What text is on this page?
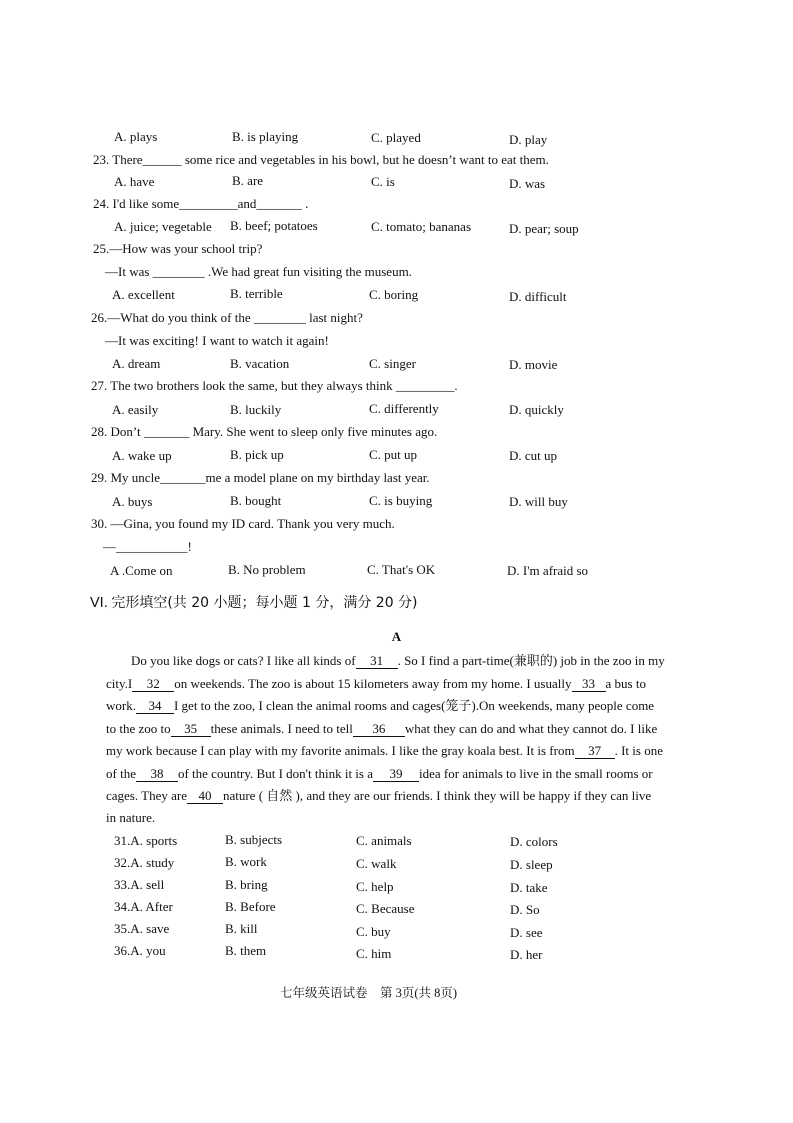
A. plays	B. is playing	C. played	D. play
23. There______ some rice and vegetables in his bowl, but he doesn’t want to eat them.
A. have	B. are	C. is	D. was
24. I'd like some_________and_______ .
A. juice; vegetable B. beef; potatoes	C. tomato; bananas	D. pear; soup
25.—How was your school trip?
—It was ________ .We had great fun visiting the museum.
A. excellent	B. terrible	C. boring	D. difficult
26.—What do you think of the ________ last night?
—It was exciting! I want to watch it again!
A. dream	B. vacation	C. singer	D. movie
27. The two brothers look the same, but they always think _________.
A. easily	B. luckily	C. differently	D. quickly
28. Don’t _______ Mary. She went to sleep only five minutes ago.
A. wake up	B. pick up	C. put up	D. cut up
29. My uncle_______me a model plane on my birthday last year.
A. buys	B. bought	C. is buying	D. will buy
30. —Gina, you found my ID card. Thank you very much.
—___________!
A .Come on	B. No problem	C. That's OK	D. I'm afraid so
VI. 完形填空(共 20 小题；每小题 1 分，满分 20 分)
A
Do you like dogs or cats? I like all kinds of 31 . So I find a part-time(兼职的) job in the zoo in my
city.I 32 on weekends. The zoo is about 15 kilometers away from my home. I usually 33 a bus to
work. 34 I get to the zoo, I clean the animal rooms and cages(笼子).On weekends, many people come
to the zoo to 35 these animals. I need to tell 36 what they can do and what they cannot do. I like
my work because I can play with my favorite animals. I like the gray koala best. It is from 37 . It is one
of the 38 of the country. But I don't think it is a 39 idea for animals to live in the small rooms or
cages. They are 40 nature ( 自然 ), and they are our friends. I think they will be happy if they can live
in nature.
31.A. sports	B. subjects	C. animals	D. colors
32.A. study	B. work	C. walk	D. sleep
33.A. sell	B. bring	C. help	D. take
34.A. After	B. Before	C. Because	D. So
35.A. save	B. kill	C. buy	D. see
36.A. you	B. them	C. him	D. her
七年级英语试卷　第 3页(共 8页)
